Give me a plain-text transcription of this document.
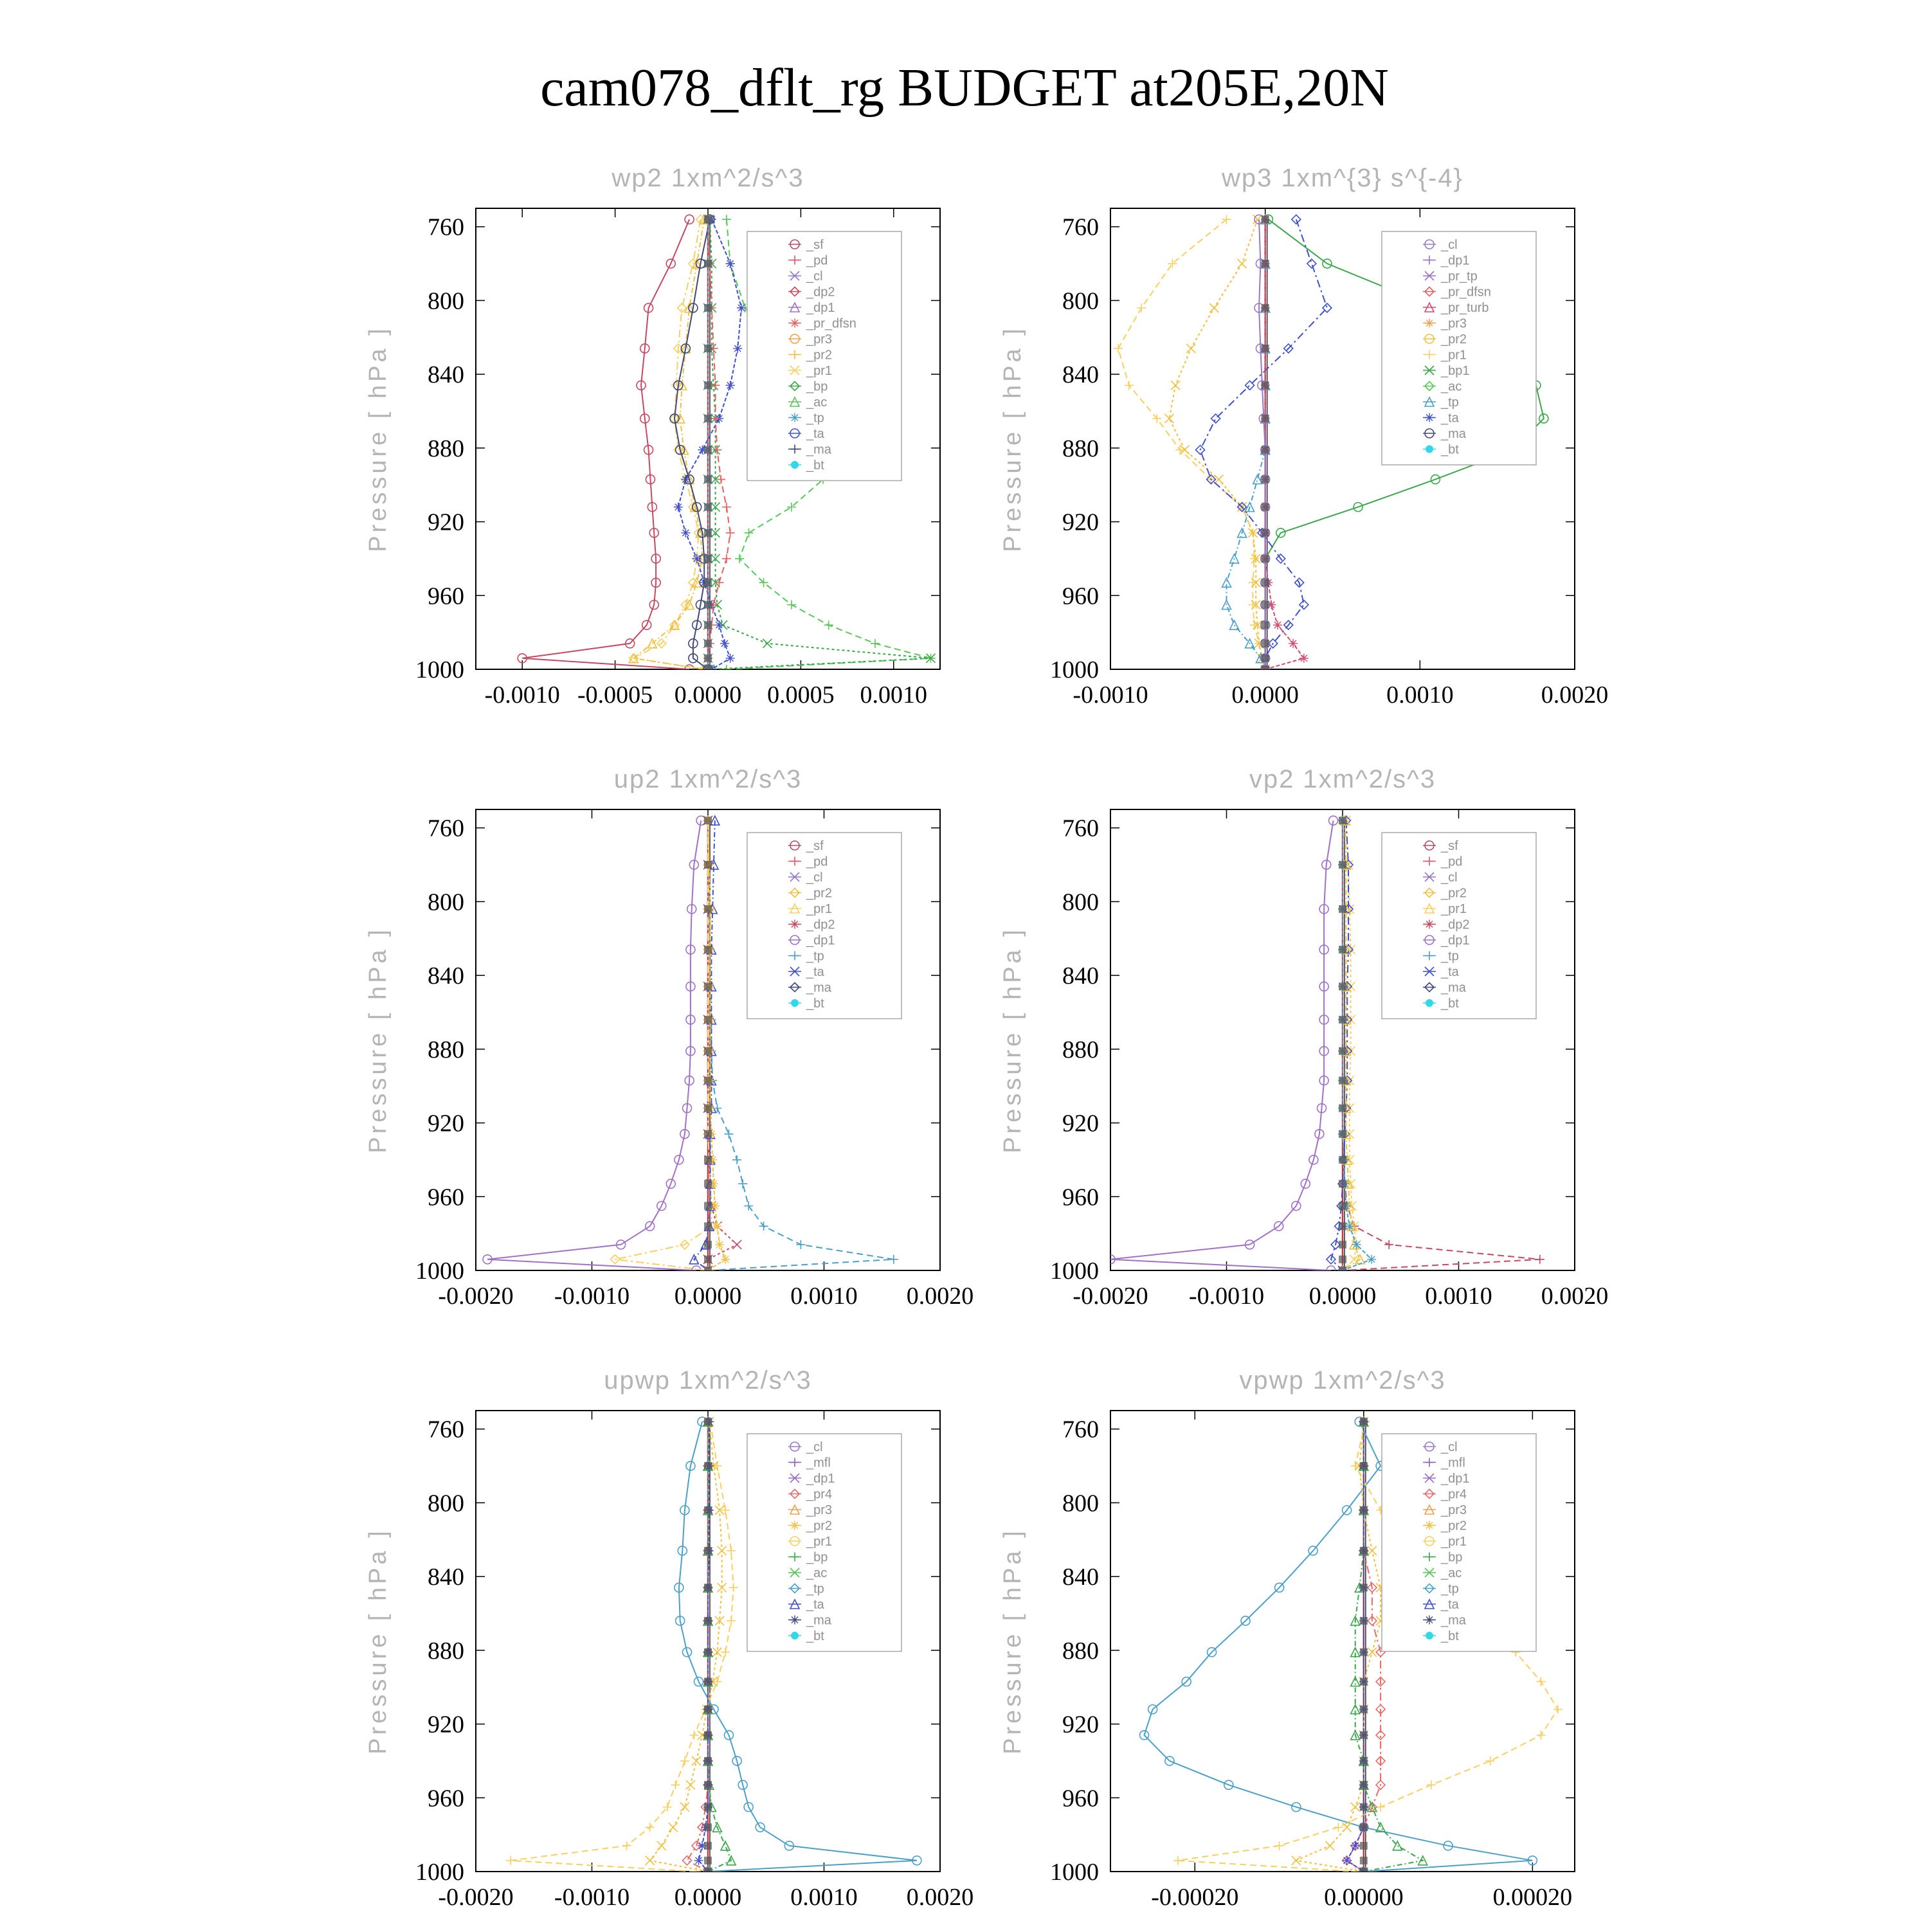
cam078_dflt_rg BUDGET at205E,20N
wp2 1xm^2/s^3
Pressure [ hPa ]
760
800
840
880
920
960
1000
-0.0010 -0.0005 0.0000 0.0005 0.0010
_sf
_pd
_cl
_dp2
_dp1
_pr_dfsn
_pr3
_pr2
_pr1
_bp
_ac
_tp
_ta
_ma
_bt
wp3 1xm^{3} s^{-4}
Pressure [ hPa ]
760
800
840
880
920
960
1000
-0.0010	0.0000	0.0010	0.0020
_cl
_dp1
_pr_tp
_pr_dfsn
_pr_turb
_pr3
_pr2
_pr1
_bp1
_ac
_tp
_ta
_ma
_bt
up2 1xm^2/s^3
Pressure [ hPa ]
760
800
840
880
920
960
1000
-0.0020 -0.0010 0.0000 0.0010 0.0020
_sf
_pd
_cl
_pr2
_pr1
_dp2
_dp1
_tp
_ta
_ma
_bt
vp2 1xm^2/s^3
Pressure [ hPa ]
760
800
840
880
920
960
1000
-0.0020 -0.0010 0.0000 0.0010 0.0020
_sf
_pd
_cl
_pr2
_pr1
_dp2
_dp1
_tp
_ta
_ma
_bt
upwp 1xm^2/s^3
Pressure [ hPa ]
760
800
840
880
920
960
1000
-0.0020 -0.0010 0.0000 0.0010 0.0020
_cl
_mfl
_dp1
_pr4
_pr3
_pr2
_pr1
_bp
_ac
_tp
_ta
_ma
_bt
vpwp 1xm^2/s^3
Pressure [ hPa ]
760
800
840
880
920
960
1000
-0.00020	0.00000	0.00020
_cl
_mfl
_dp1
_pr4
_pr3
_pr2
_pr1
_bp
_ac
_tp
_ta
_ma
_bt
